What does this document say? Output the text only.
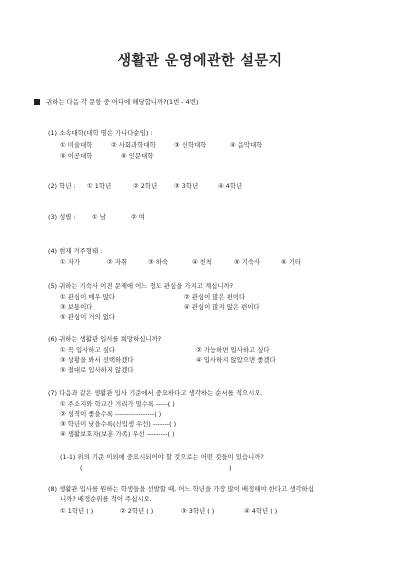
생활관 운영에관한 설문지
귀하는 다음 각 문항 중 어디에 해당합니까?(1번 - 4번)
(1) 소속대학(대학 명은 가나다순임) :
① 미술대학	② 사회과학대학	③ 신학대학	④ 음악대학
⑤ 이공대학	⑥ 인문대학
(2) 학년 : ① 1학년	② 2학년	③ 3학년	④ 4학년
(3) 성별 :	① 남	② 여
(4) 현재 거주형태 :
① 자가	② 자취	③ 하숙	④ 친척	⑤ 기숙사	⑥ 기타
(5) 귀하는 기숙사 이전 문제에 어느 정도 관심을 가지고 계십니까?
① 관심이 매우 많다	② 관심이 많은 편이다
③ 보통이다	④ 관심이 많지 않은 편이다
⑤ 관심이 거의 없다
(6) 귀하는 생활관 입사를 희망하십니까?
① 꼭 입사하고 싶다	② 가능하면 입사하고 싶다
③ 상황을 봐서 선택하겠다	④ 입사하지 않았으면 좋겠다
⑤ 절대로 입사하지 않겠다
(7) 다음과 같은 생활관 입사 기준에서 중요하다고 생각하는 순서를 적으시오.
① 주소지와 학교간 거리가 멀수록 -----( )
② 성적이 좋을수록 -----------------( )
③ 학년이 낮을수록(신입생 우선) -------( )
④ 생활보호자(보훈 가족) 우선 ---------( )
(1-1) 위의 기준 이외에 중요시되어야 할 것으로는 어떤 것들이 있습니까?
(	)
(8) 생활관 입사를 원하는 학생들을 선발할 때, 어느 학년을 가장 많이 배정해야 한다고 생각하십
니까? 배정순위를 적어 주십시오.
① 1학년 ( )	② 2학년 ( )	③ 3학년 ( )	④ 4학년 ( )
